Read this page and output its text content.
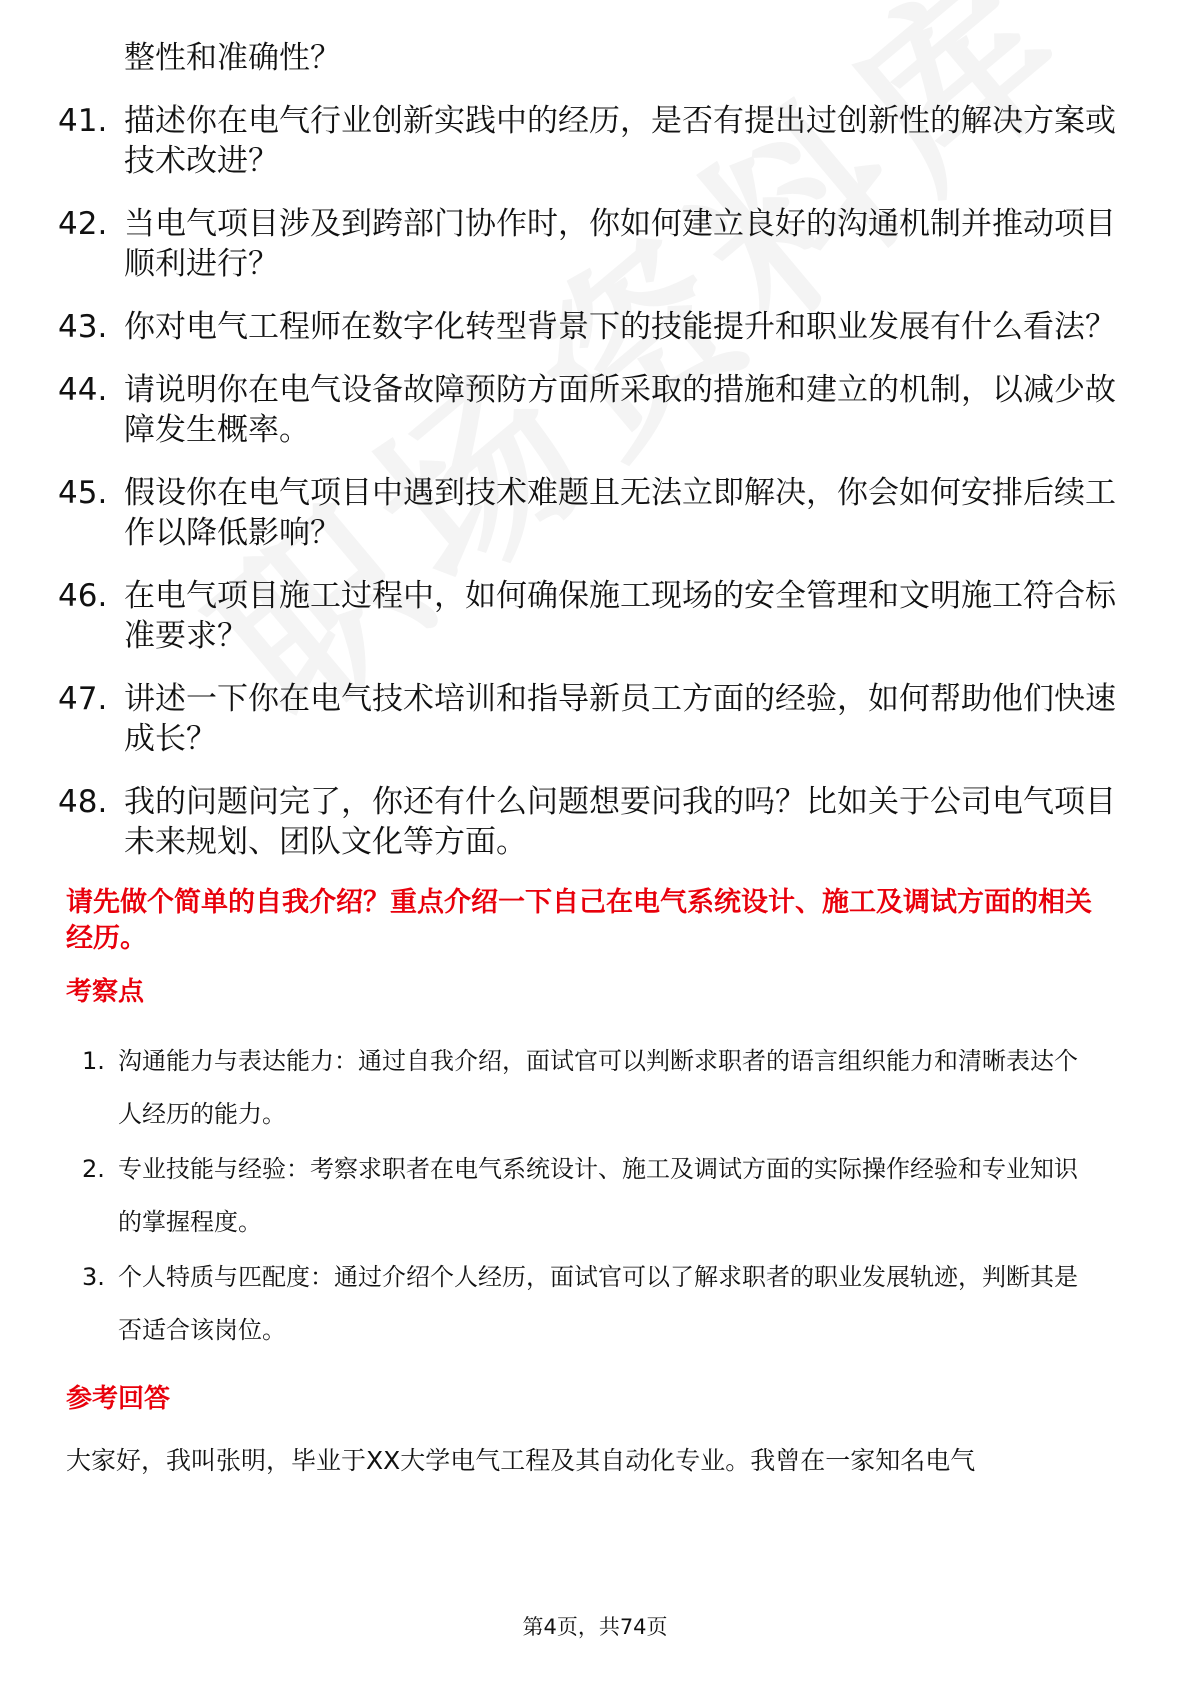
整性和准确性？
41. 描述你在电气行业创新实践中的经历，是否有提出过创新性的解决方案或技术改进？
42. 当电气项目涉及到跨部门协作时，你如何建立良好的沟通机制并推动项目顺利进行？
43. 你对电气工程师在数字化转型背景下的技能提升和职业发展有什么看法？
44. 请说明你在电气设备故障预防方面所采取的措施和建立的机制，以减少故障发生概率。
45. 假设你在电气项目中遇到技术难题且无法立即解决，你会如何安排后续工作以降低影响？
46. 在电气项目施工过程中，如何确保施工现场的安全管理和文明施工符合标准要求？
47. 讲述一下你在电气技术培训和指导新员工方面的经验，如何帮助他们快速成长？
48. 我的问题问完了，你还有什么问题想要问我的吗？比如关于公司电气项目未来规划、团队文化等方面。
请先做个简单的自我介绍？重点介绍一下自己在电气系统设计、施工及调试方面的相关经历。
考察点
1. 沟通能力与表达能力：通过自我介绍，面试官可以判断求职者的语言组织能力和清晰表达个人经历的能力。
2. 专业技能与经验：考察求职者在电气系统设计、施工及调试方面的实际操作经验和专业知识的掌握程度。
3. 个人特质与匹配度：通过介绍个人经历，面试官可以了解求职者的职业发展轨迹，判断其是否适合该岗位。
参考回答
大家好，我叫张明，毕业于XX大学电气工程及其自动化专业。我曾在一家知名电气
第4页，共74页
